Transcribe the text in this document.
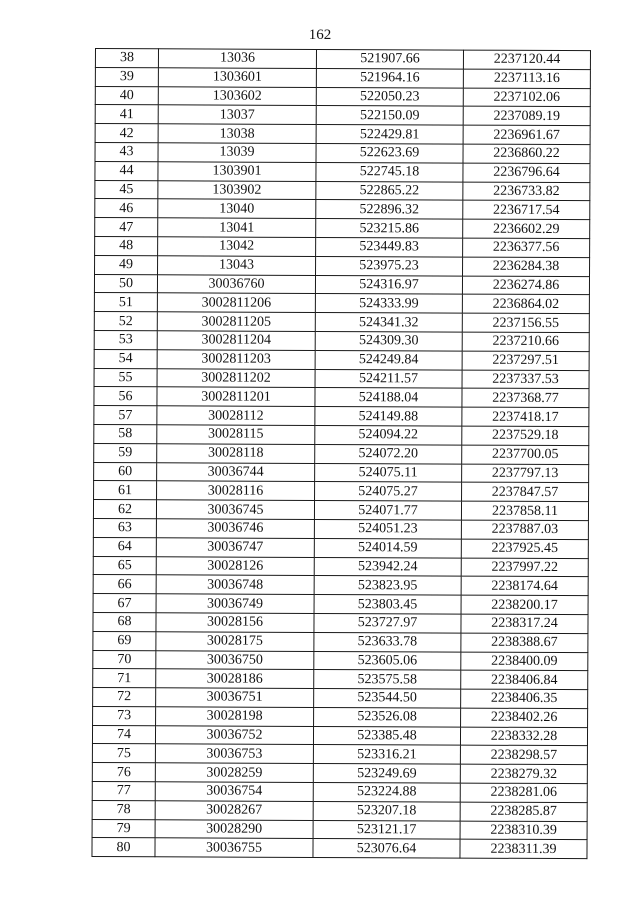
162
38	13036	521907.66	2237120.44
39	1303601	521964.16	2237113.16
40	1303602	522050.23	2237102.06
41	13037	522150.09	2237089.19
42	13038	522429.81	2236961.67
43	13039	522623.69	2236860.22
44	1303901	522745.18	2236796.64
45	1303902	522865.22	2236733.82
46	13040	522896.32	2236717.54
47	13041	523215.86	2236602.29
48	13042	523449.83	2236377.56
49	13043	523975.23	2236284.38
50	30036760	524316.97	2236274.86
51	3002811206	524333.99	2236864.02
52	3002811205	524341.32	2237156.55
53	3002811204	524309.30	2237210.66
54	3002811203	524249.84	2237297.51
55	3002811202	524211.57	2237337.53
56	3002811201	524188.04	2237368.77
57	30028112	524149.88	2237418.17
58	30028115	524094.22	2237529.18
59	30028118	524072.20	2237700.05
60	30036744	524075.11	2237797.13
61	30028116	524075.27	2237847.57
62	30036745	524071.77	2237858.11
63	30036746	524051.23	2237887.03
64	30036747	524014.59	2237925.45
65	30028126	523942.24	2237997.22
66	30036748	523823.95	2238174.64
67	30036749	523803.45	2238200.17
68	30028156	523727.97	2238317.24
69	30028175	523633.78	2238388.67
70	30036750	523605.06	2238400.09
71	30028186	523575.58	2238406.84
72	30036751	523544.50	2238406.35
73	30028198	523526.08	2238402.26
74	30036752	523385.48	2238332.28
75	30036753	523316.21	2238298.57
76	30028259	523249.69	2238279.32
77	30036754	523224.88	2238281.06
78	30028267	523207.18	2238285.87
79	30028290	523121.17	2238310.39
80	30036755	523076.64	2238311.39
